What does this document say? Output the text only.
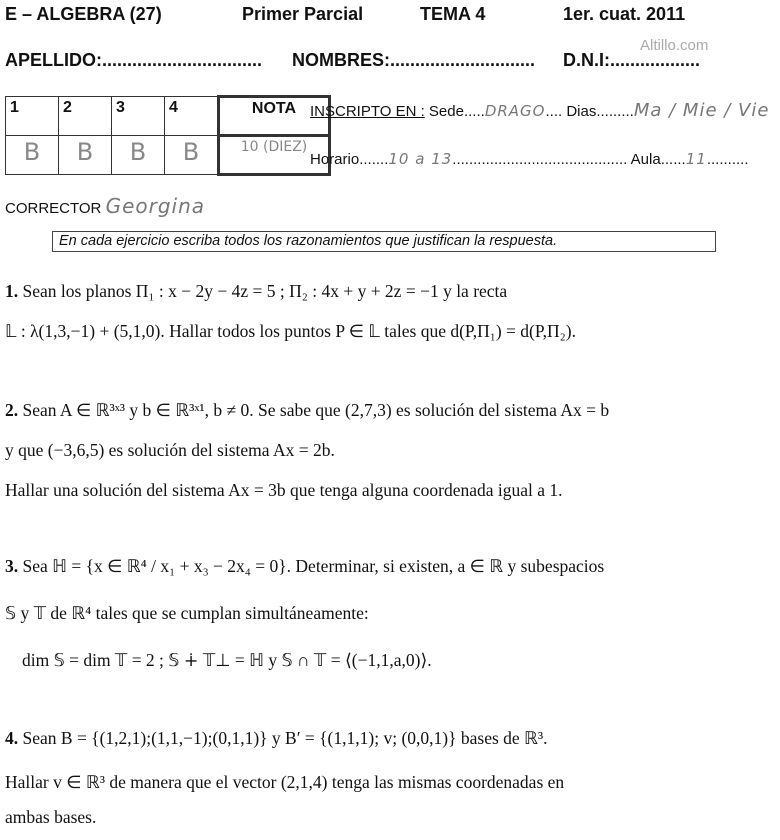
E – ALGEBRA (27)	Primer Parcial	TEMA 4	1er. cuat. 2011
Altillo.com
APELLIDO:................................ NOMBRES:............................. D.N.I:..................
1	2	3	4	NOTA
B	B	B	B	10 (DIEZ)
INSCRIPTO EN : Sede.....DRAGO.... Dias.........Ma / Mie / Vie
Horario.......10 a 13.......................................... Aula......11..........
CORRECTOR Georgina
En cada ejercicio escriba todos los razonamientos que justifican la respuesta.
1. Sean los planos Π₁ : x − 2y − 4z = 5 ; Π₂ : 4x + y + 2z = −1 y la recta
𝕃 : λ(1,3,−1) + (5,1,0). Hallar todos los puntos P ∈ 𝕃 tales que d(P,Π₁) = d(P,Π₂).
2. Sean A ∈ ℝ³ˣ³ y b ∈ ℝ³ˣ¹, b ≠ 0. Se sabe que (2,7,3) es solución del sistema Ax = b
y que (−3,6,5) es solución del sistema Ax = 2b.
Hallar una solución del sistema Ax = 3b que tenga alguna coordenada igual a 1.
3. Sea ℍ = {x ∈ ℝ⁴ / x₁ + x₃ − 2x₄ = 0}. Determinar, si existen, a ∈ ℝ y subespacios
𝕊 y 𝕋 de ℝ⁴ tales que se cumplan simultáneamente:
dim 𝕊 = dim 𝕋 = 2 ; 𝕊 ∔ 𝕋⊥ = ℍ y 𝕊 ∩ 𝕋 = ⟨(−1,1,a,0)⟩.
4. Sean B = {(1,2,1);(1,1,−1);(0,1,1)} y B′ = {(1,1,1); v; (0,0,1)} bases de ℝ³.
Hallar v ∈ ℝ³ de manera que el vector (2,1,4) tenga las mismas coordenadas en
ambas bases.
